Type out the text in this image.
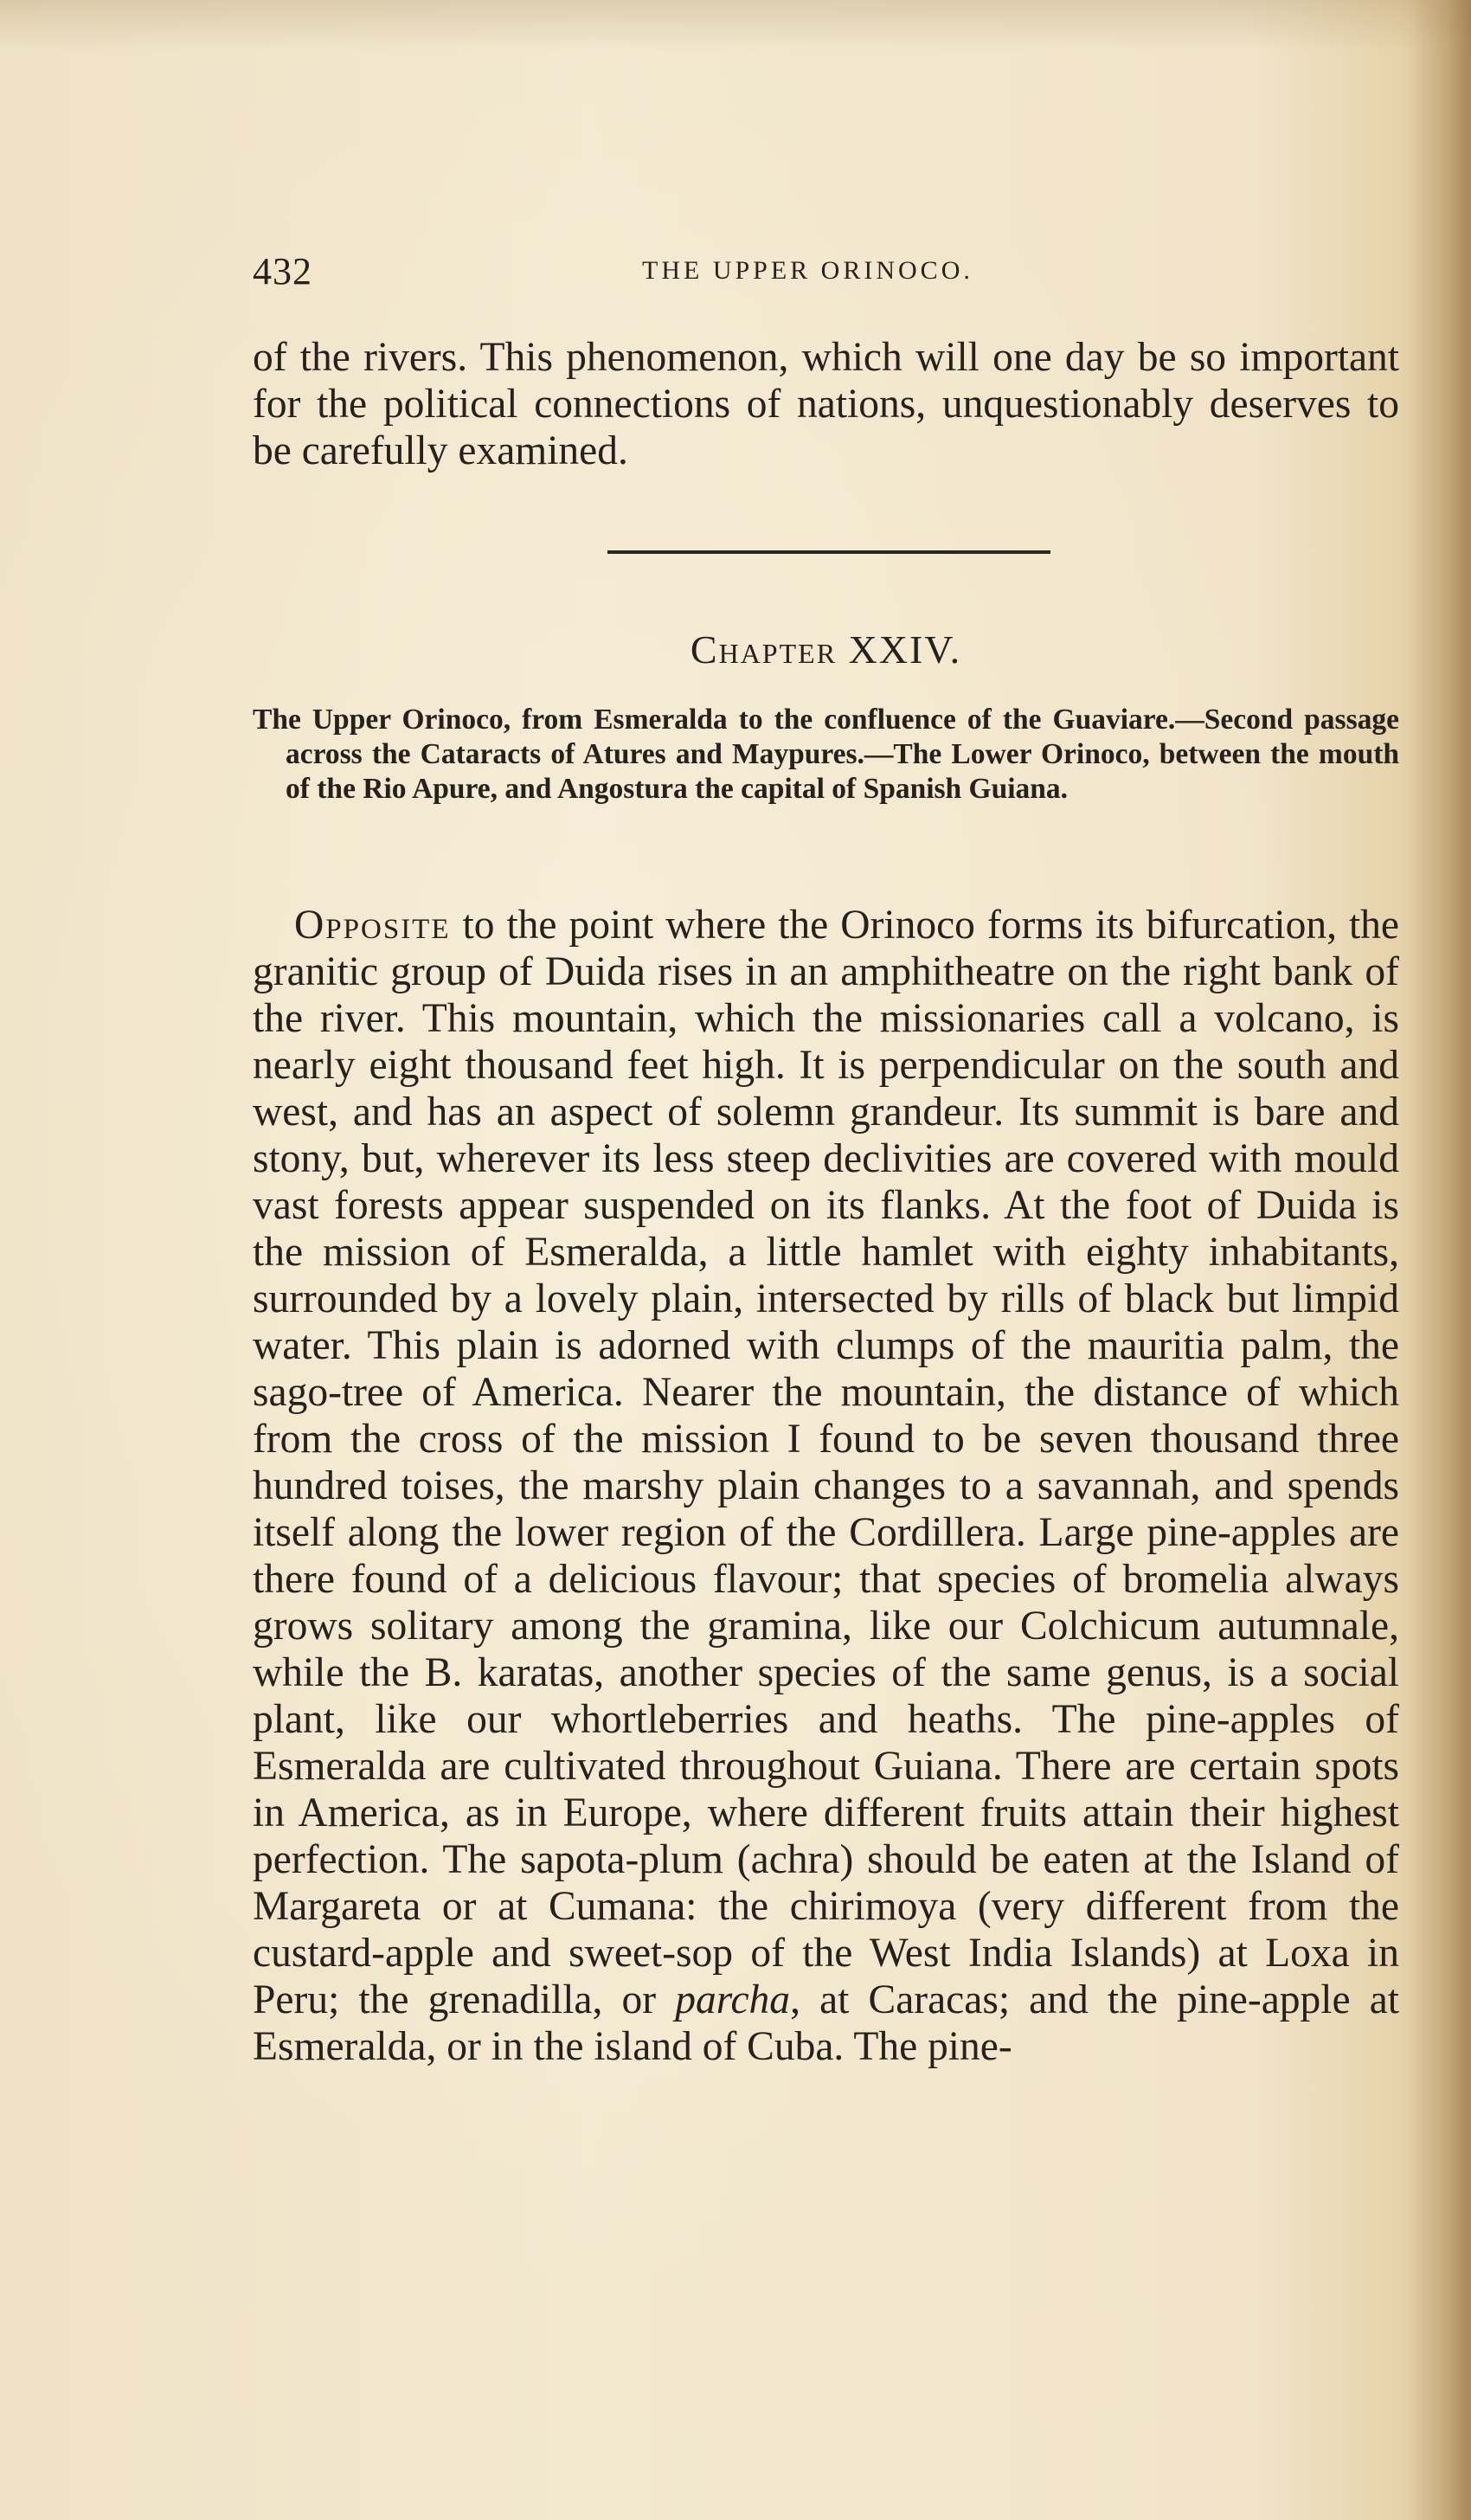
432	THE UPPER ORINOCO.

of the rivers. This phenomenon, which will one day be so important for the political connections of nations, unquestionably deserves to be carefully examined.

Chapter XXIV.
The Upper Orinoco, from Esmeralda to the confluence of the Guaviare.—Second passage across the Cataracts of Atures and Maypures.—The Lower Orinoco, between the mouth of the Rio Apure, and Angostura the capital of Spanish Guiana.

Opposite to the point where the Orinoco forms its bifurcation, the granitic group of Duida rises in an amphitheatre on the right bank of the river. This mountain, which the missionaries call a volcano, is nearly eight thousand feet high. It is perpendicular on the south and west, and has an aspect of solemn grandeur. Its summit is bare and stony, but, wherever its less steep declivities are covered with mould vast forests appear suspended on its flanks. At the foot of Duida is the mission of Esmeralda, a little hamlet with eighty inhabitants, surrounded by a lovely plain, intersected by rills of black but limpid water. This plain is adorned with clumps of the mauritia palm, the sago-tree of America. Nearer the mountain, the distance of which from the cross of the mission I found to be seven thousand three hundred toises, the marshy plain changes to a savannah, and spends itself along the lower region of the Cordillera. Large pine-apples are there found of a delicious flavour; that species of bromelia always grows solitary among the gramina, like our Colchicum autumnale, while the B. karatas, another species of the same genus, is a social plant, like our whortleberries and heaths. The pine-apples of Esmeralda are cultivated throughout Guiana. There are certain spots in America, as in Europe, where different fruits attain their highest perfection. The sapota-plum (achra) should be eaten at the Island of Margareta or at Cumana: the chirimoya (very different from the custard-apple and sweet-sop of the West India Islands) at Loxa in Peru; the grenadilla, or parcha, at Caracas; and the pine-apple at Esmeralda, or in the island of Cuba. The pine-
